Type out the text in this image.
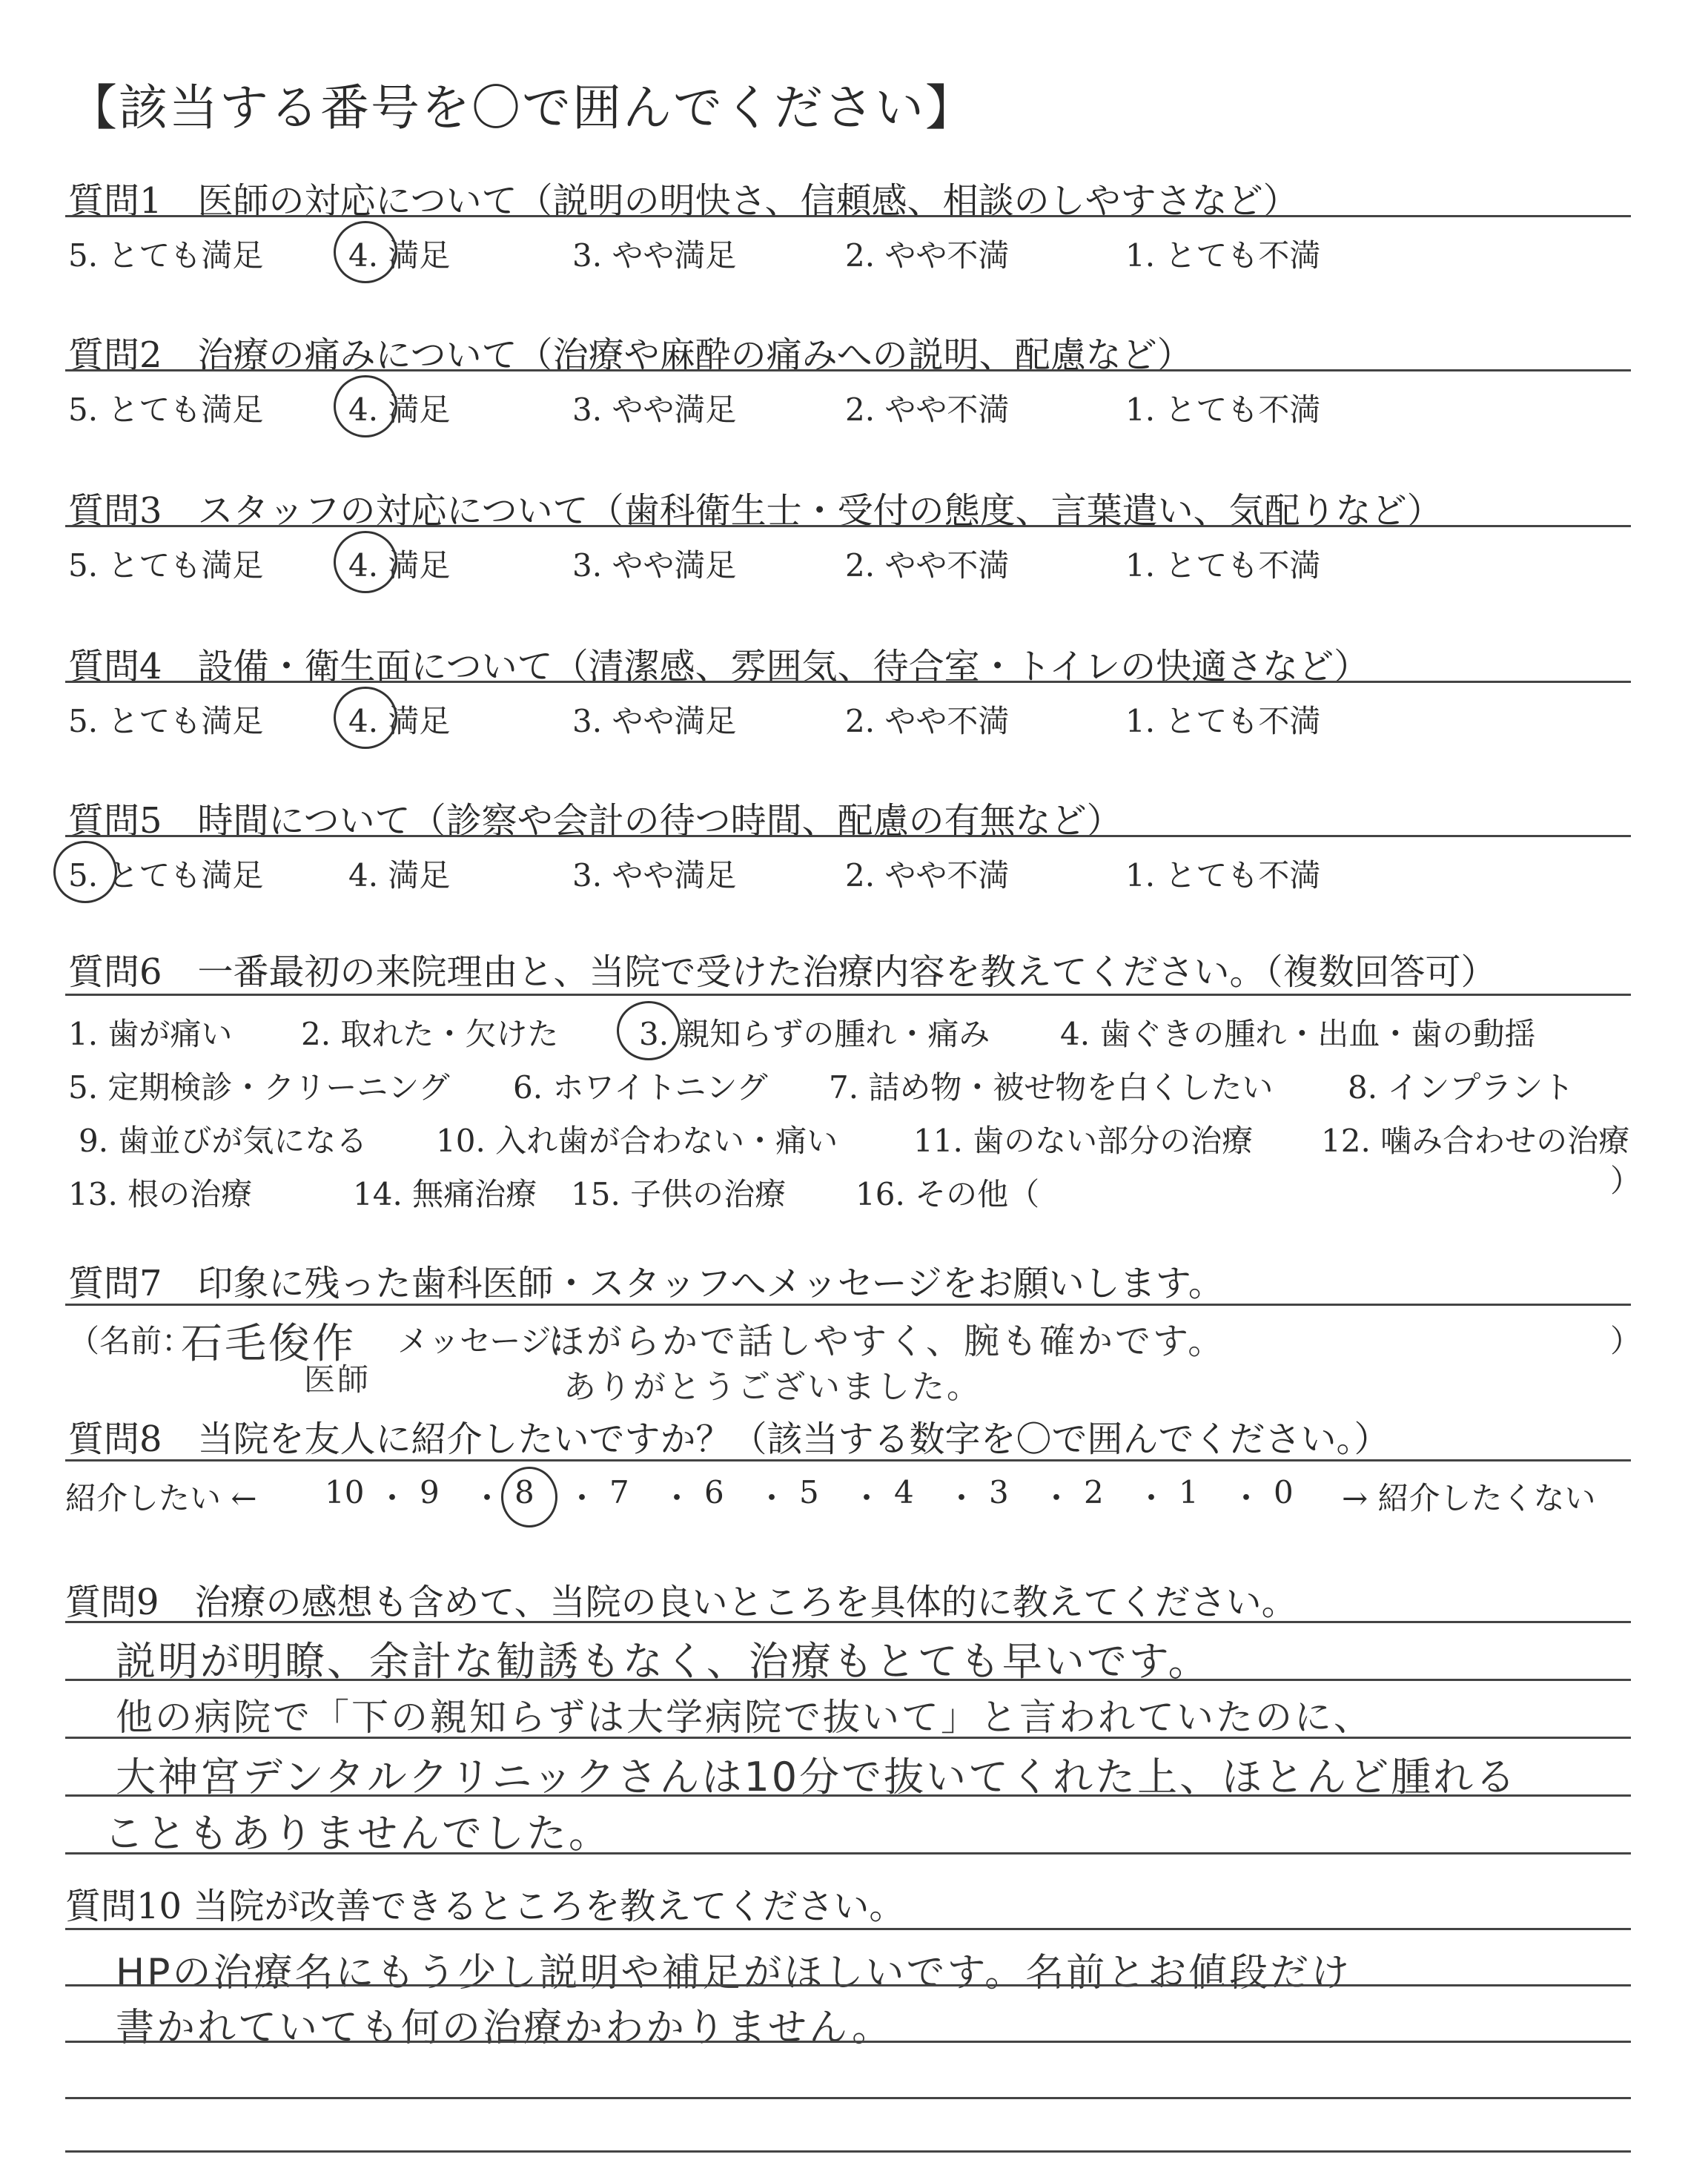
【該当する番号を〇で囲んでください】
質問6　一番最初の来院理由と、当院で受けた治療内容を教えてください。（複数回答可）
）
質問7　印象に残った歯科医師・スタッフへメッセージをお願いします。
（名前：
石毛俊作
医師
メッセージ：
ほがらかで話しやすく、腕も確かです。
ありがとうございました。
）
質問8　当院を友人に紹介したいですか？（該当する数字を〇で囲んでください。）
紹介したい ←	→ 紹介したくない
質問9　治療の感想も含めて、当院の良いところを具体的に教えてください。
質問10 当院が改善できるところを教えてください。
質問1　医師の対応について（説明の明快さ、信頼感、相談のしやすさなど）
5. とても満足	4. 満足	3. やや満足	2. やや不満	1. とても不満
質問2　治療の痛みについて（治療や麻酔の痛みへの説明、配慮など）
5. とても満足	4. 満足	3. やや満足	2. やや不満	1. とても不満
質問3　スタッフの対応について（歯科衛生士・受付の態度、言葉遣い、気配りなど）
5. とても満足	4. 満足	3. やや満足	2. やや不満	1. とても不満
質問4　設備・衛生面について（清潔感、雰囲気、待合室・トイレの快適さなど）
5. とても満足	4. 満足	3. やや満足	2. やや不満	1. とても不満
質問5　時間について（診察や会計の待つ時間、配慮の有無など）
5. とても満足	4. 満足	3. やや満足	2. やや不満	1. とても不満
1. 歯が痛い 2. 取れた・欠けた	3. 親知らずの腫れ・痛み 4. 歯ぐきの腫れ・出血・歯の動揺
5. 定期検診・クリーニング 6. ホワイトニング 7. 詰め物・被せ物を白くしたい 8. インプラント
9. 歯並びが気になる 10. 入れ歯が合わない・痛い 11. 歯のない部分の治療 12. 噛み合わせの治療
13. 根の治療	14. 無痛治療 15. 子供の治療 16. その他（
10 ・ 9 ・ 8 ・ 7 ・ 6 ・ 5 ・ 4 ・ 3 ・ 2 ・ 1 ・ 0
説明が明瞭、余計な勧誘もなく、治療もとても早いです。
他の病院で「下の親知らずは大学病院で抜いて」と言われていたのに、
大神宮デンタルクリニックさんは10分で抜いてくれた上、ほとんど腫れる
こともありませんでした。
HPの治療名にもう少し説明や補足がほしいです。名前とお値段だけ
書かれていても何の治療かわかりません。
